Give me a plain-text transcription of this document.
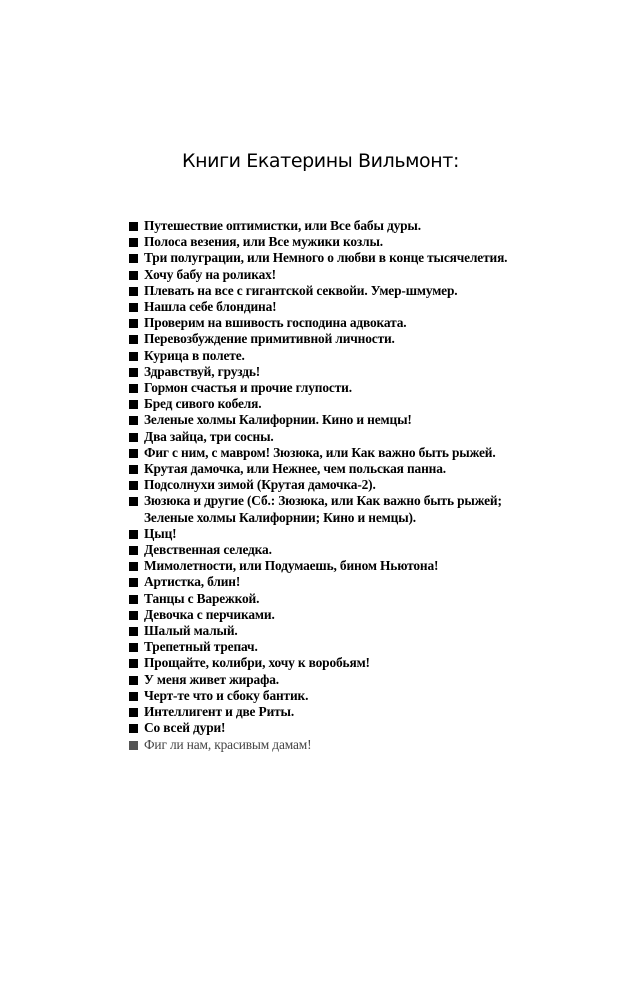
Книги Екатерины Вильмонт:
Путешествие оптимистки, или Все бабы дуры.
Полоса везения, или Все мужики козлы.
Три полуграции, или Немного о любви в конце тысячелетия.
Хочу бабу на роликах!
Плевать на все с гигантской секвойи. Умер-шмумер.
Нашла себе блондина!
Проверим на вшивость господина адвоката.
Перевозбуждение примитивной личности.
Курица в полете.
Здравствуй, груздь!
Гормон счастья и прочие глупости.
Бред сивого кобеля.
Зеленые холмы Калифорнии. Кино и немцы!
Два зайца, три сосны.
Фиг с ним, с мавром! Зюзюка, или Как важно быть рыжей.
Крутая дамочка, или Нежнее, чем польская панна.
Подсолнухи зимой (Крутая дамочка-2).
Зюзюка и другие (Сб.: Зюзюка, или Как важно быть рыжей;
Зеленые холмы Калифорнии; Кино и немцы).
Цыц!
Девственная селедка.
Мимолетности, или Подумаешь, бином Ньютона!
Артистка, блин!
Танцы с Варежкой.
Девочка с перчиками.
Шалый малый.
Трепетный трепач.
Прощайте, колибри, хочу к воробьям!
У меня живет жирафа.
Черт-те что и сбоку бантик.
Интеллигент и две Риты.
Со всей дури!
Фиг ли нам, красивым дамам!
